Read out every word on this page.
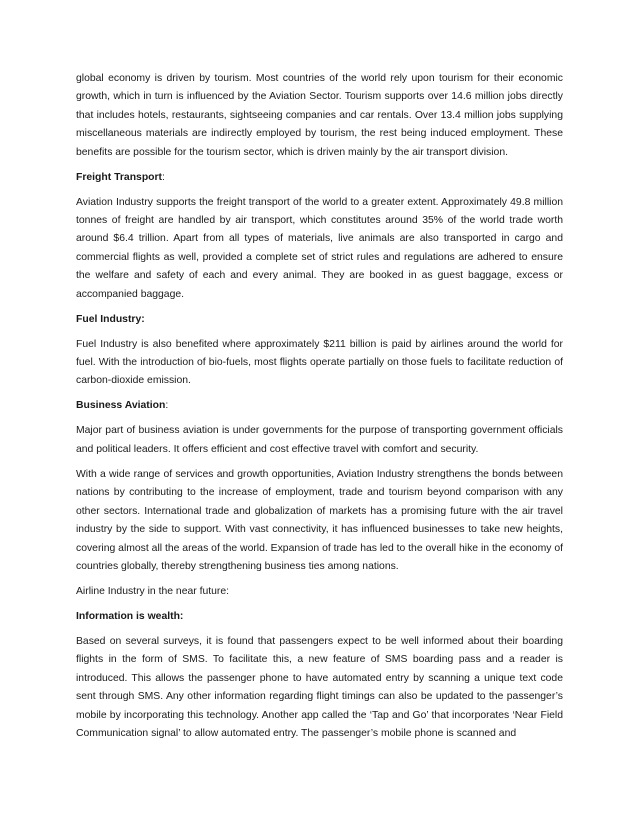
global economy is driven by tourism. Most countries of the world rely upon tourism for their economic growth, which in turn is influenced by the Aviation Sector. Tourism supports over 14.6 million jobs directly that includes hotels, restaurants, sightseeing companies and car rentals. Over 13.4 million jobs supplying miscellaneous materials are indirectly employed by tourism, the rest being induced employment. These benefits are possible for the tourism sector, which is driven mainly by the air transport division.

Freight Transport:

Aviation Industry supports the freight transport of the world to a greater extent. Approximately 49.8 million tonnes of freight are handled by air transport, which constitutes around 35% of the world trade worth around $6.4 trillion. Apart from all types of materials, live animals are also transported in cargo and commercial flights as well, provided a complete set of strict rules and regulations are adhered to ensure the welfare and safety of each and every animal. They are booked in as guest baggage, excess or accompanied baggage.

Fuel Industry:

Fuel Industry is also benefited where approximately $211 billion is paid by airlines around the world for fuel. With the introduction of bio-fuels, most flights operate partially on those fuels to facilitate reduction of carbon-dioxide emission.

Business Aviation:

Major part of business aviation is under governments for the purpose of transporting government officials and political leaders. It offers efficient and cost effective travel with comfort and security.

With a wide range of services and growth opportunities, Aviation Industry strengthens the bonds between nations by contributing to the increase of employment, trade and tourism beyond comparison with any other sectors. International trade and globalization of markets has a promising future with the air travel industry by the side to support. With vast connectivity, it has influenced businesses to take new heights, covering almost all the areas of the world. Expansion of trade has led to the overall hike in the economy of countries globally, thereby strengthening business ties among nations.

Airline Industry in the near future:

Information is wealth:

Based on several surveys, it is found that passengers expect to be well informed about their boarding flights in the form of SMS. To facilitate this, a new feature of SMS boarding pass and a reader is introduced. This allows the passenger phone to have automated entry by scanning a unique text code sent through SMS. Any other information regarding flight timings can also be updated to the passenger’s mobile by incorporating this technology. Another app called the ‘Tap and Go’ that incorporates ‘Near Field Communication signal’ to allow automated entry. The passenger’s mobile phone is scanned and
